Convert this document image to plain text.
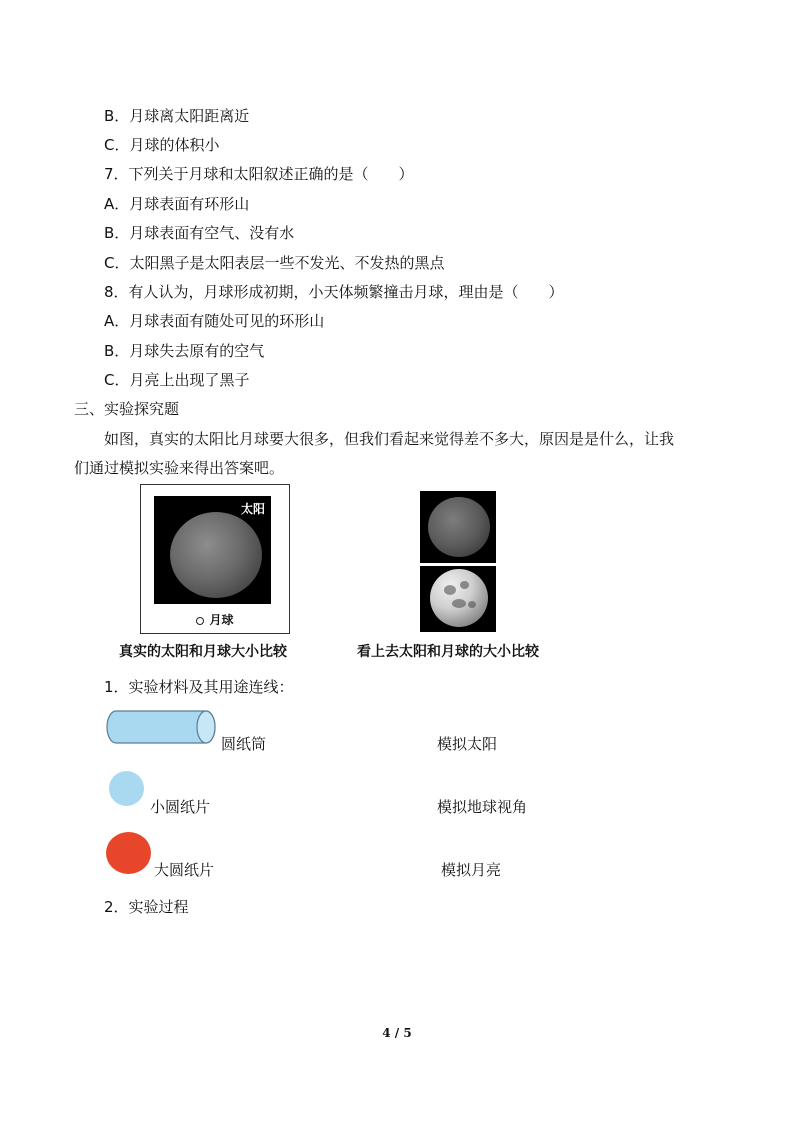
B．月球离太阳距离近
C．月球的体积小
7．下列关于月球和太阳叙述正确的是（　　）
A．月球表面有环形山
B．月球表面有空气、没有水
C．太阳黑子是太阳表层一些不发光、不发热的黑点
8．有人认为，月球形成初期，小天体频繁撞击月球，理由是（　　）
A．月球表面有随处可见的环形山
B．月球失去原有的空气
C．月亮上出现了黑子
三、实验探究题
如图，真实的太阳比月球要大很多，但我们看起来觉得差不多大，原因是是什么，让我
们通过模拟实验来得出答案吧。
太阳
月球
真实的太阳和月球大小比较	看上去太阳和月球的大小比较
1．实验材料及其用途连线：
圆纸筒
小圆纸片
大圆纸片
模拟太阳
模拟地球视角
模拟月亮
2．实验过程
4 / 5
